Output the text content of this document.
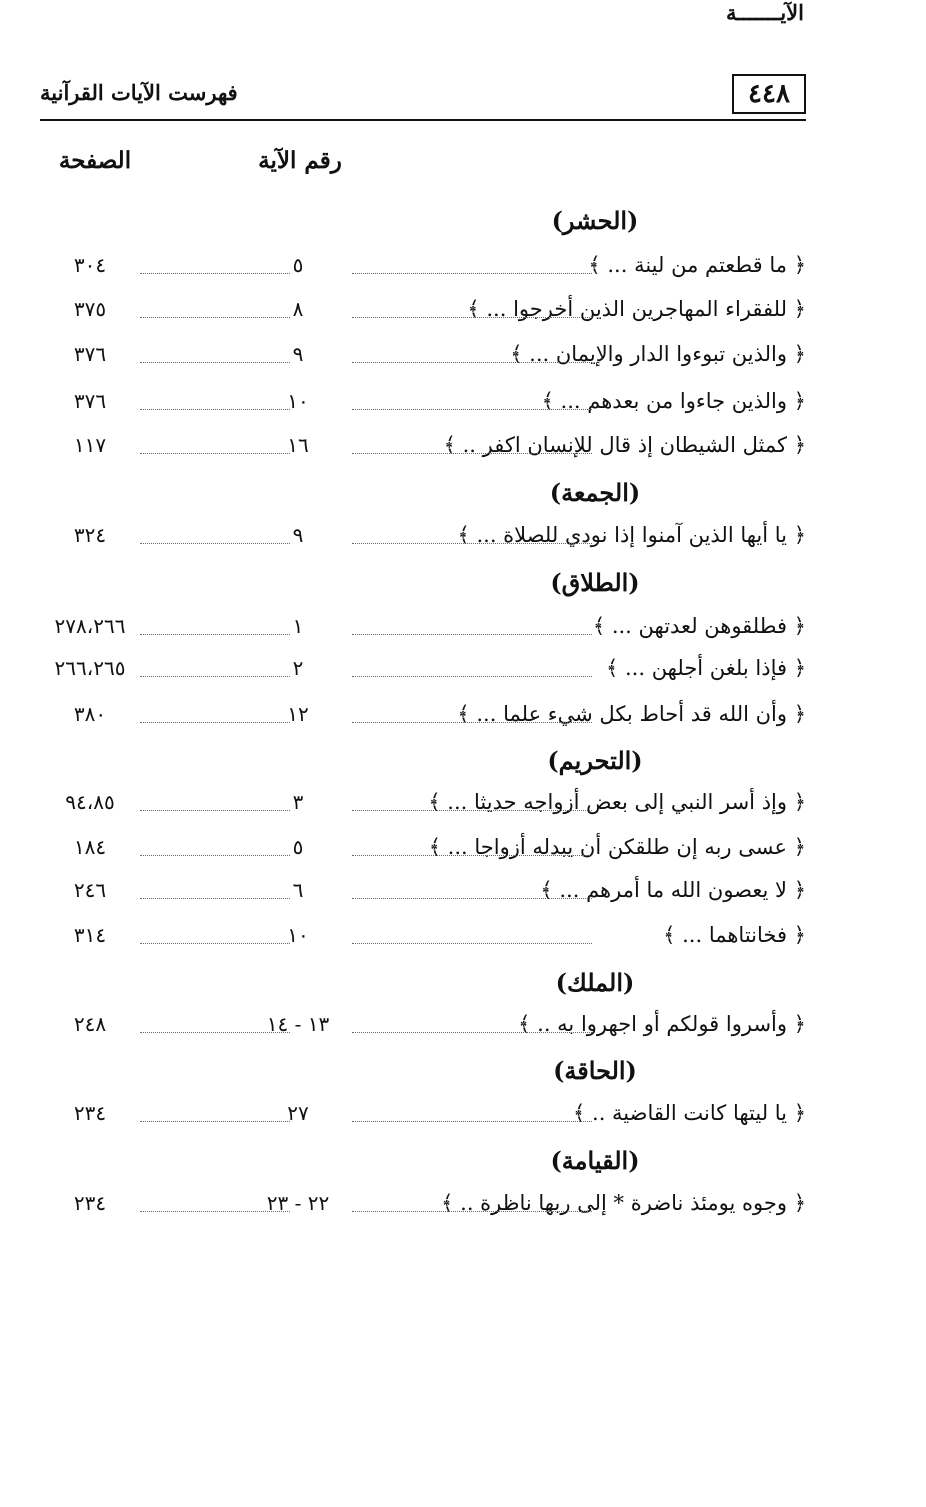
٤٤٨
فهرست الآيات القرآنية
الآيـــــــة
رقم الآية
الصفحة
(الحشر)
﴿ ما قطعتم من لينة ... ﴾
٥
٣٠٤
﴿ للفقراء المهاجرين الذين أخرجوا ... ﴾
٨
٣٧٥
﴿ والذين تبوءوا الدار والإيمان ... ﴾
٩
٣٧٦
﴿ والذين جاءوا من بعدهم ... ﴾
١٠
٣٧٦
﴿ كمثل الشيطان إذ قال للإنسان اكفر .. ﴾
١٦
١١٧
(الجمعة)
﴿ يا أيها الذين آمنوا إذا نودي للصلاة ... ﴾
٩
٣٢٤
(الطلاق)
﴿ فطلقوهن لعدتهن ... ﴾
١
٢٧٨،٢٦٦
﴿ فإذا بلغن أجلهن ... ﴾
٢
٢٦٦،٢٦٥
﴿ وأن الله قد أحاط بكل شيء علما ... ﴾
١٢
٣٨٠
(التحريم)
﴿ وإذ أسر النبي إلى بعض أزواجه حديثا ... ﴾
٣
٩٤،٨٥
﴿ عسى ربه إن طلقكن أن يبدله أزواجا ... ﴾
٥
١٨٤
﴿ لا يعصون الله ما أمرهم ... ﴾
٦
٢٤٦
﴿ فخانتاهما ... ﴾
١٠
٣١٤
(الملك)
﴿ وأسروا قولكم أو اجهروا به .. ﴾
١٣ - ١٤
٢٤٨
(الحاقة)
﴿ يا ليتها كانت القاضية .. ﴾
٢٧
٢٣٤
(القيامة)
﴿ وجوه يومئذ ناضرة * إلى ربها ناظرة .. ﴾
٢٢ - ٢٣
٢٣٤
